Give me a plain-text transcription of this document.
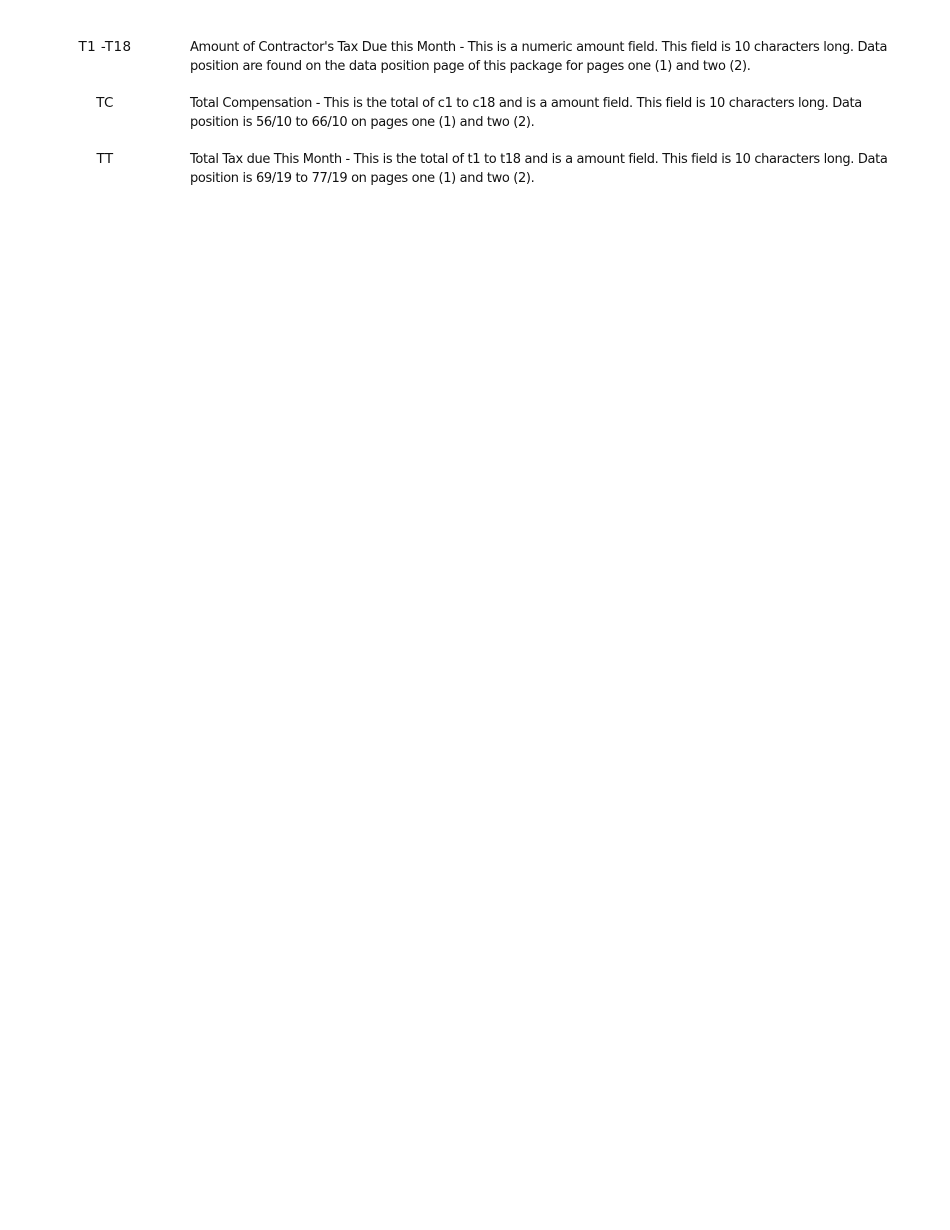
T1 -T18	Amount of Contractor's Tax Due this Month - This is a numeric amount field. This field is 10 characters long. Data
position are found on the data position page of this package for pages one (1) and two (2).

TC	Total Compensation - This is the total of c1 to c18 and is a amount field. This field is 10 characters long. Data
position is 56/10 to 66/10 on pages one (1) and two (2).

TT	Total Tax due This Month - This is the total of t1 to t18 and is a amount field. This field is 10 characters long. Data
position is 69/19 to 77/19 on pages one (1) and two (2).
